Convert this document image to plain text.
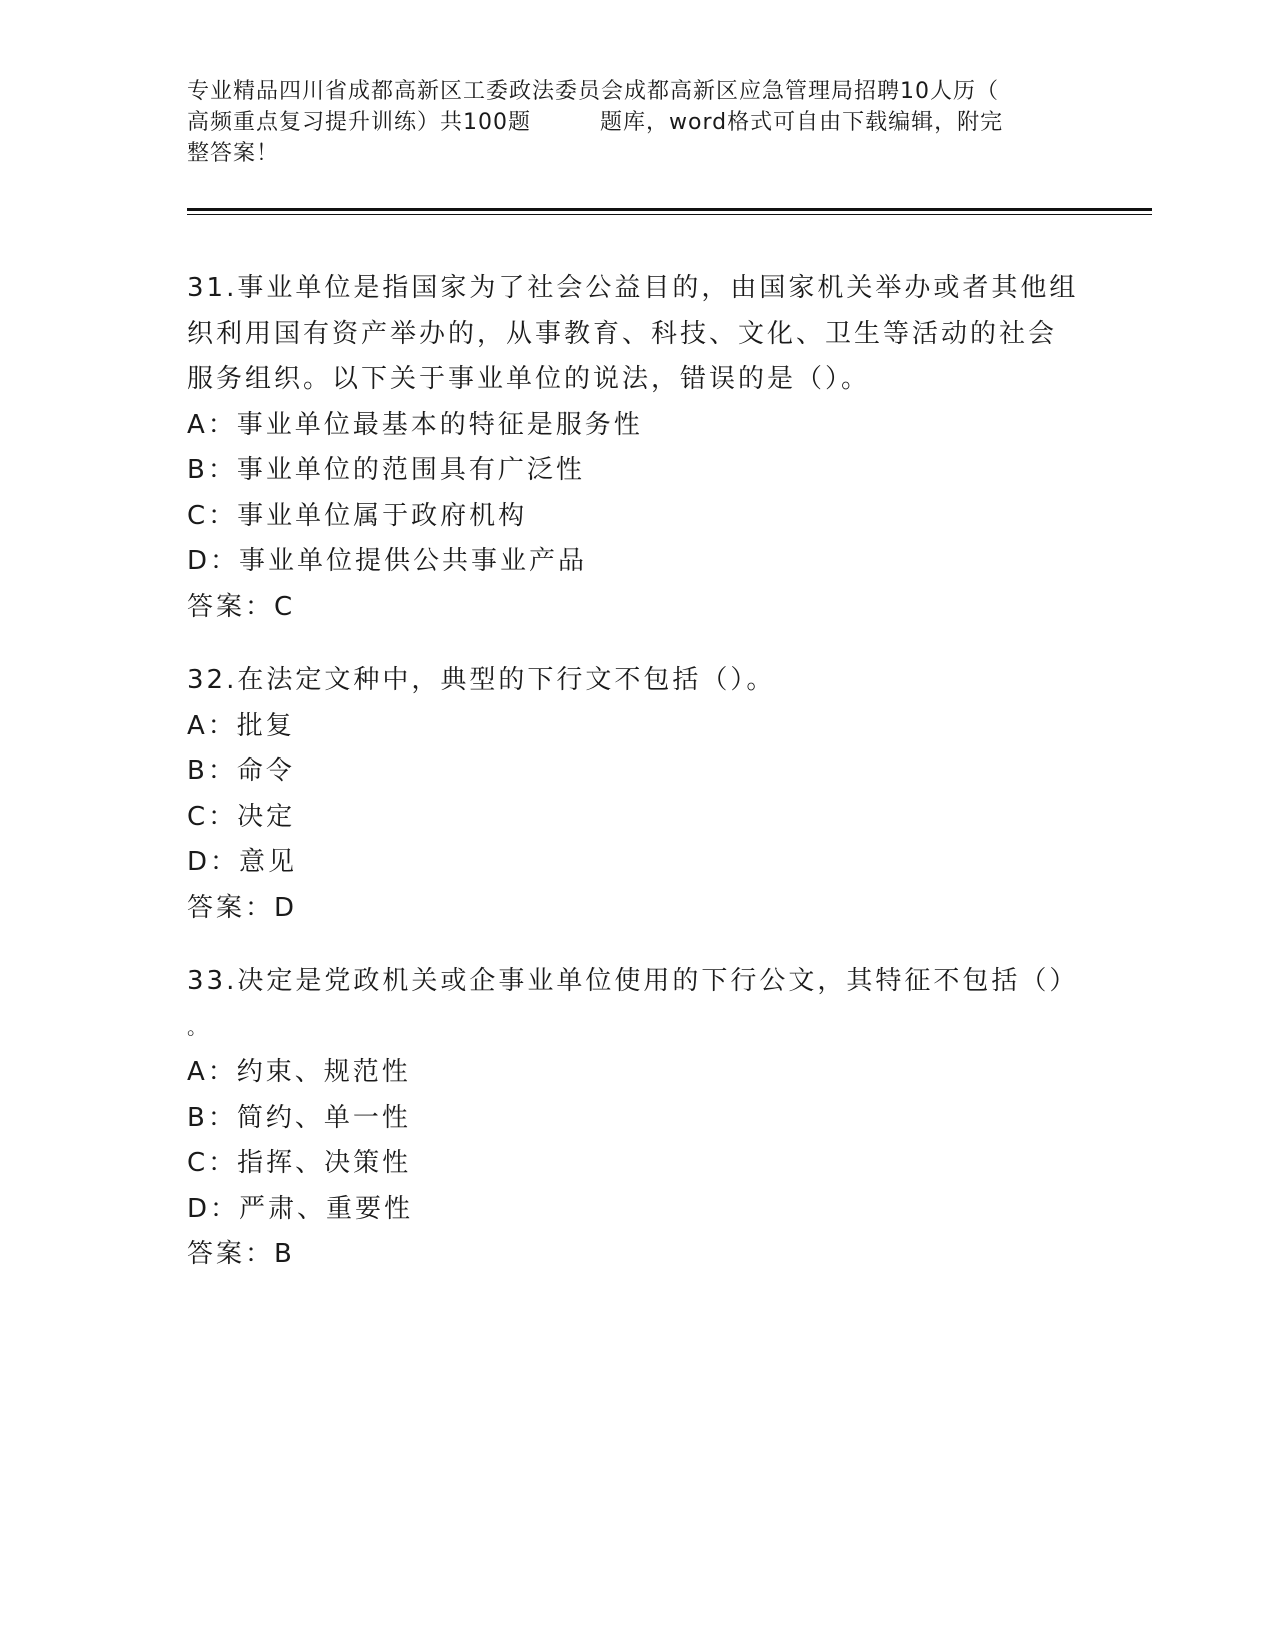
专业精品四川省成都高新区工委政法委员会成都高新区应急管理局招聘10人历（
高频重点复习提升训练）共100题　　　题库，word格式可自由下载编辑，附完
整答案！
31.事业单位是指国家为了社会公益目的，由国家机关举办或者其他组
织利用国有资产举办的，从事教育、科技、文化、卫生等活动的社会
服务组织。以下关于事业单位的说法，错误的是（）。
A：事业单位最基本的特征是服务性
B：事业单位的范围具有广泛性
C：事业单位属于政府机构
D：事业单位提供公共事业产品
答案：C
32.在法定文种中，典型的下行文不包括（）。
A：批复
B：命令
C：决定
D：意见
答案：D
33.决定是党政机关或企事业单位使用的下行公文，其特征不包括（）
。
A：约束、规范性
B：简约、单一性
C：指挥、决策性
D：严肃、重要性
答案：B
